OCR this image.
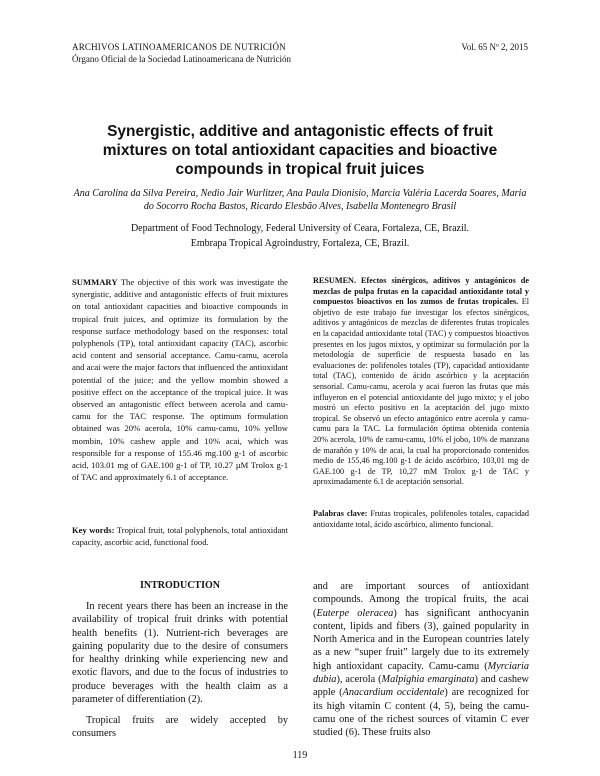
ARCHIVOS LATINOAMERICANOS DE NUTRICIÓN
Órgano Oficial de la Sociedad Latinoamericana de Nutrición
Vol. 65 Nº 2, 2015
Synergistic, additive and antagonistic effects of fruit mixtures on total antioxidant capacities and bioactive compounds in tropical fruit juices
Ana Carolina da Silva Pereira, Nedio Jair Wurlitzer, Ana Paula Dionisio, Marcia Valéria Lacerda Soares, Maria do Socorro Rocha Bastos, Ricardo Elesbão Alves, Isabella Montenegro Brasil
Department of Food Technology, Federal University of Ceara, Fortaleza, CE, Brazil.
Embrapa Tropical Agroindustry, Fortaleza, CE, Brazil.
SUMMARY The objective of this work was investigate the synergistic, additive and antagonistic effects of fruit mixtures on total antioxidant capacities and bioactive compounds in tropical fruit juices, and optimize its formulation by the response surface methodology based on the responses: total polyphenols (TP), total antioxidant capacity (TAC), ascorbic acid content and sensorial acceptance. Camu-camu, acerola and acai were the major factors that influenced the antioxidant potential of the juice; and the yellow mombin showed a positive effect on the acceptance of the tropical juice. It was observed an antagonistic effect between acerola and camu-camu for the TAC response. The optimum formulation obtained was 20% acerola, 10% camu-camu, 10% yellow mombin, 10% cashew apple and 10% acai, which was responsible for a response of 155.46 mg.100 g-1 of ascorbic acid, 103.01 mg of GAE.100 g-1 of TP, 10.27 µM Trolox g-1 of TAC and approximately 6.1 of acceptance.
Key words: Tropical fruit, total polyphenols, total antioxidant capacity, ascorbic acid, functional food.
RESUMEN. Efectos sinérgicos, aditivos y antagónicos de mezclas de pulpa frutas en la capacidad antioxidante total y compuestos bioactivos en los zumos de frutas tropicales. El objetivo de este trabajo fue investigar los efectos sinérgicos, aditivos y antagónicos de mezclas de diferentes frutas tropicales en la capacidad antioxidante total (TAC) y compuestos bioactivos presentes en los jugos mixtos, y optimizar su formulación por la metodología de superficie de respuesta basado en las evaluaciones de: polifenoles totales (TP), capacidad antioxidante total (TAC), contenido de ácido ascórbico y la aceptación sensorial. Camu-camu, acerola y acai fueron las frutas que más influyeron en el potencial antioxidante del jugo mixto; y el jobo mostró un efecto positivo en la aceptación del jugo mixto tropical. Se observó un efecto antagónico entre acerola y camu-camu para la TAC. La formulación óptima obtenida contenía 20% acerola, 10% de camu-camu, 10% el jobo, 10% de manzana de marañón y 10% de acai, la cual ha proporcionado contenidos medio de 155,46 mg.100 g-1 de ácido ascórbico, 103,01 mg de GAE.100 g-1 de TP, 10,27 mM Trolox g-1 de TAC y aproximadamente 6.1 de aceptación sensorial.
Palabras clave: Frutas tropicales, polifenoles totales, capacidad antioxidante total, ácido ascórbico, alimento funcional.
INTRODUCTION
In recent years there has been an increase in the availability of tropical fruit drinks with potential health benefits (1). Nutrient-rich beverages are gaining popularity due to the desire of consumers for healthy drinking while experiencing new and exotic flavors, and due to the focus of industries to produce beverages with the health claim as a parameter of differentiation (2).
Tropical fruits are widely accepted by consumers
and are important sources of antioxidant compounds. Among the tropical fruits, the acai (Euterpe oleracea) has significant anthocyanin content, lipids and fibers (3), gained popularity in North America and in the European countries lately as a new “super fruit” largely due to its extremely high antioxidant capacity. Camu-camu (Myrciaria dubia), acerola (Malpighia emarginata) and cashew apple (Anacardium occidentale) are recognized for its high vitamin C content (4, 5), being the camu-camu one of the richest sources of vitamin C ever studied (6). These fruits also
119
